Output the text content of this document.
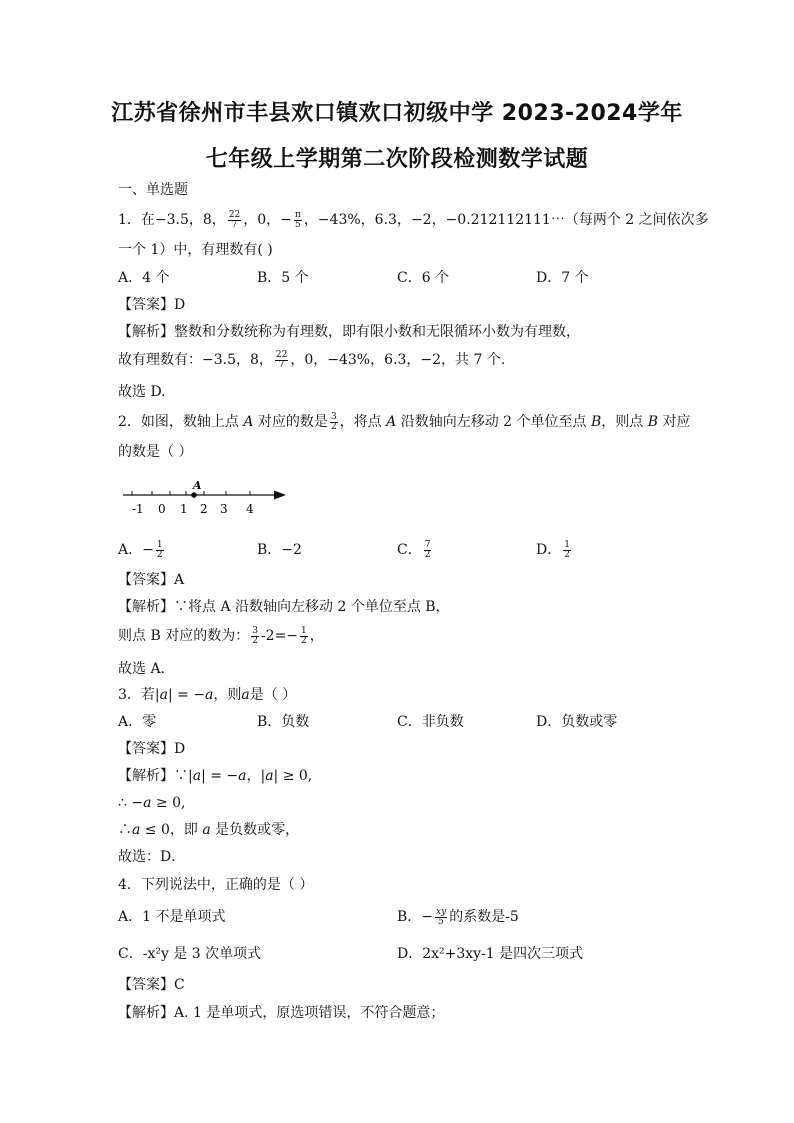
江苏省徐州市丰县欢口镇欢口初级中学 2023-2024学年
七年级上学期第二次阶段检测数学试题
一、单选题
1．在−3.5，8， $\frac{22}{7}$ ，0，− $\frac{\pi}{5}$ ，−43%，6.3，−2，−0.212112111⋯（每两个 2 之间依次多
一个 1）中，有理数有( )
A．4 个	B．5 个	C．6 个	D．7 个
【答案】D
【解析】整数和分数统称为有理数，即有限小数和无限循环小数为有理数，
故有理数有：−3.5，8， $\frac{22}{7}$ ，0，−43%，6.3，−2，共 7 个.
故选 D.
2．如图，数轴上点 A 对应的数是 $\frac{3}{2}$ ，将点 A 沿数轴向左移动 2 个单位至点 B，则点 B 对应
的数是（ ）
A
-1 0 1 2 3 4
A．− $\frac{1}{2}$	B．−2	C． $\frac{7}{2}$	D． $\frac{1}{2}$
【答案】A
【解析】∵将点 A 沿数轴向左移动 2 个单位至点 B，
则点 B 对应的数为： $\frac{3}{2} -2=- \frac{1}{2}$ ，
故选 A.
3．若|𝑎| = −𝑎，则𝑎是（ ）
A．零	B．负数	C．非负数	D．负数或零
【答案】D
【解析】∵|𝑎| = −𝑎，|𝑎| ≥ 0,
∴ −𝑎 ≥ 0,
∴𝑎 ≤ 0，即 𝑎 是负数或零，
故选：D．
4．下列说法中，正确的是（ ）
A．1 不是单项式	B．− $\frac{xy}{5}$ 的系数是-5
C．-x²y 是 3 次单项式	D．2x²+3xy-1 是四次三项式
【答案】C
【解析】A. 1 是单项式，原选项错误，不符合题意；
